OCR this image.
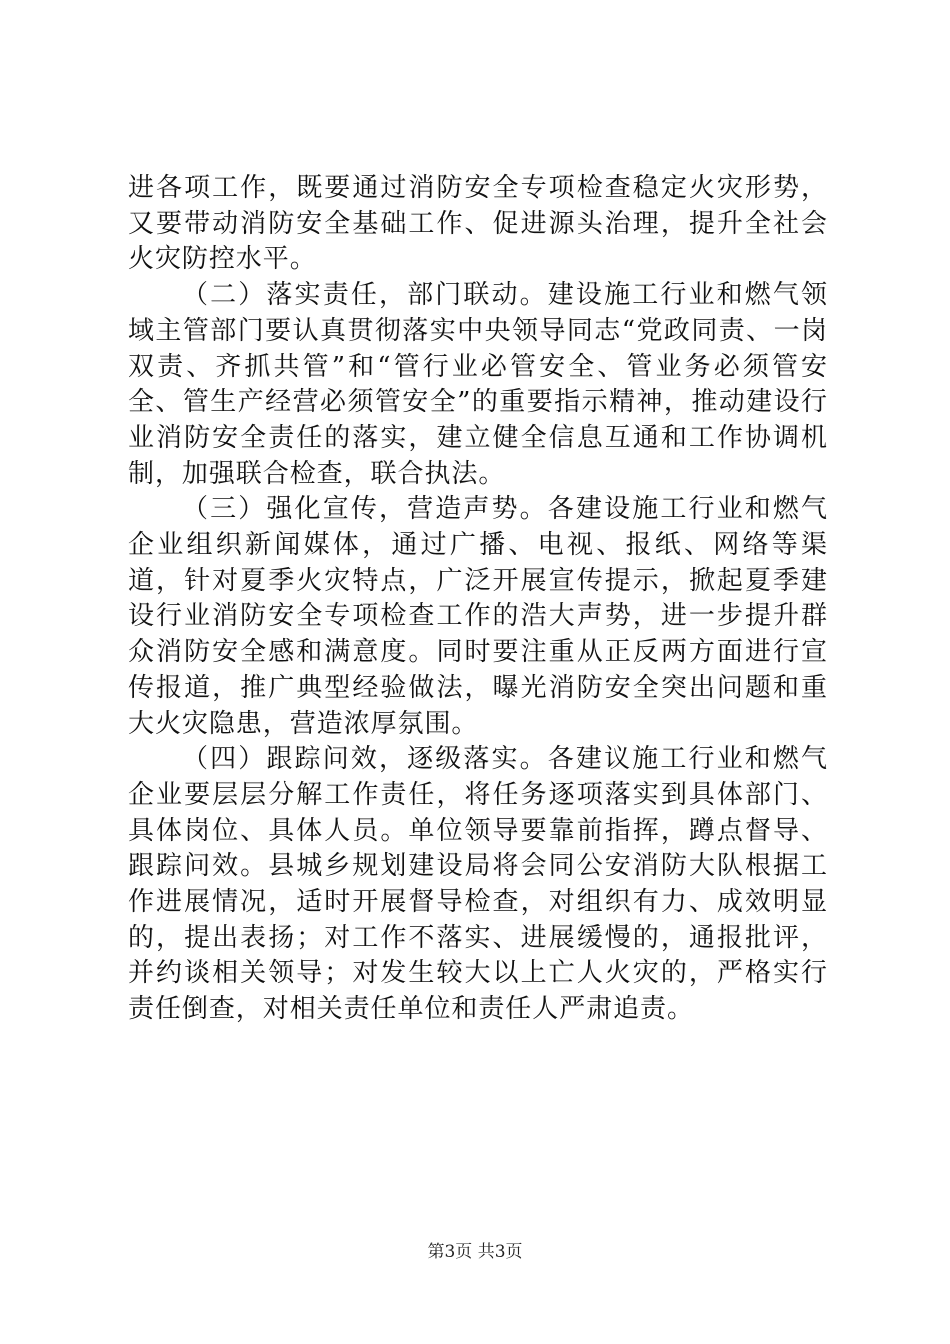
进各项工作，既要通过消防安全专项检查稳定火灾形势，又要带动消防安全基础工作、促进源头治理，提升全社会火灾防控水平。

（二）落实责任，部门联动。建设施工行业和燃气领域主管部门要认真贯彻落实中央领导同志“党政同责、一岗双责、齐抓共管”和“管行业必管安全、管业务必须管安全、管生产经营必须管安全”的重要指示精神，推动建设行业消防安全责任的落实，建立健全信息互通和工作协调机制，加强联合检查，联合执法。

（三）强化宣传，营造声势。各建设施工行业和燃气企业组织新闻媒体，通过广播、电视、报纸、网络等渠道，针对夏季火灾特点，广泛开展宣传提示，掀起夏季建设行业消防安全专项检查工作的浩大声势，进一步提升群众消防安全感和满意度。同时要注重从正反两方面进行宣传报道，推广典型经验做法，曝光消防安全突出问题和重大火灾隐患，营造浓厚氛围。

（四）跟踪问效，逐级落实。各建议施工行业和燃气企业要层层分解工作责任，将任务逐项落实到具体部门、具体岗位、具体人员。单位领导要靠前指挥，蹲点督导、跟踪问效。县城乡规划建设局将会同公安消防大队根据工作进展情况，适时开展督导检查，对组织有力、成效明显的，提出表扬；对工作不落实、进展缓慢的，通报批评，并约谈相关领导；对发生较大以上亡人火灾的，严格实行责任倒查，对相关责任单位和责任人严肃追责。

第3页 共3页
